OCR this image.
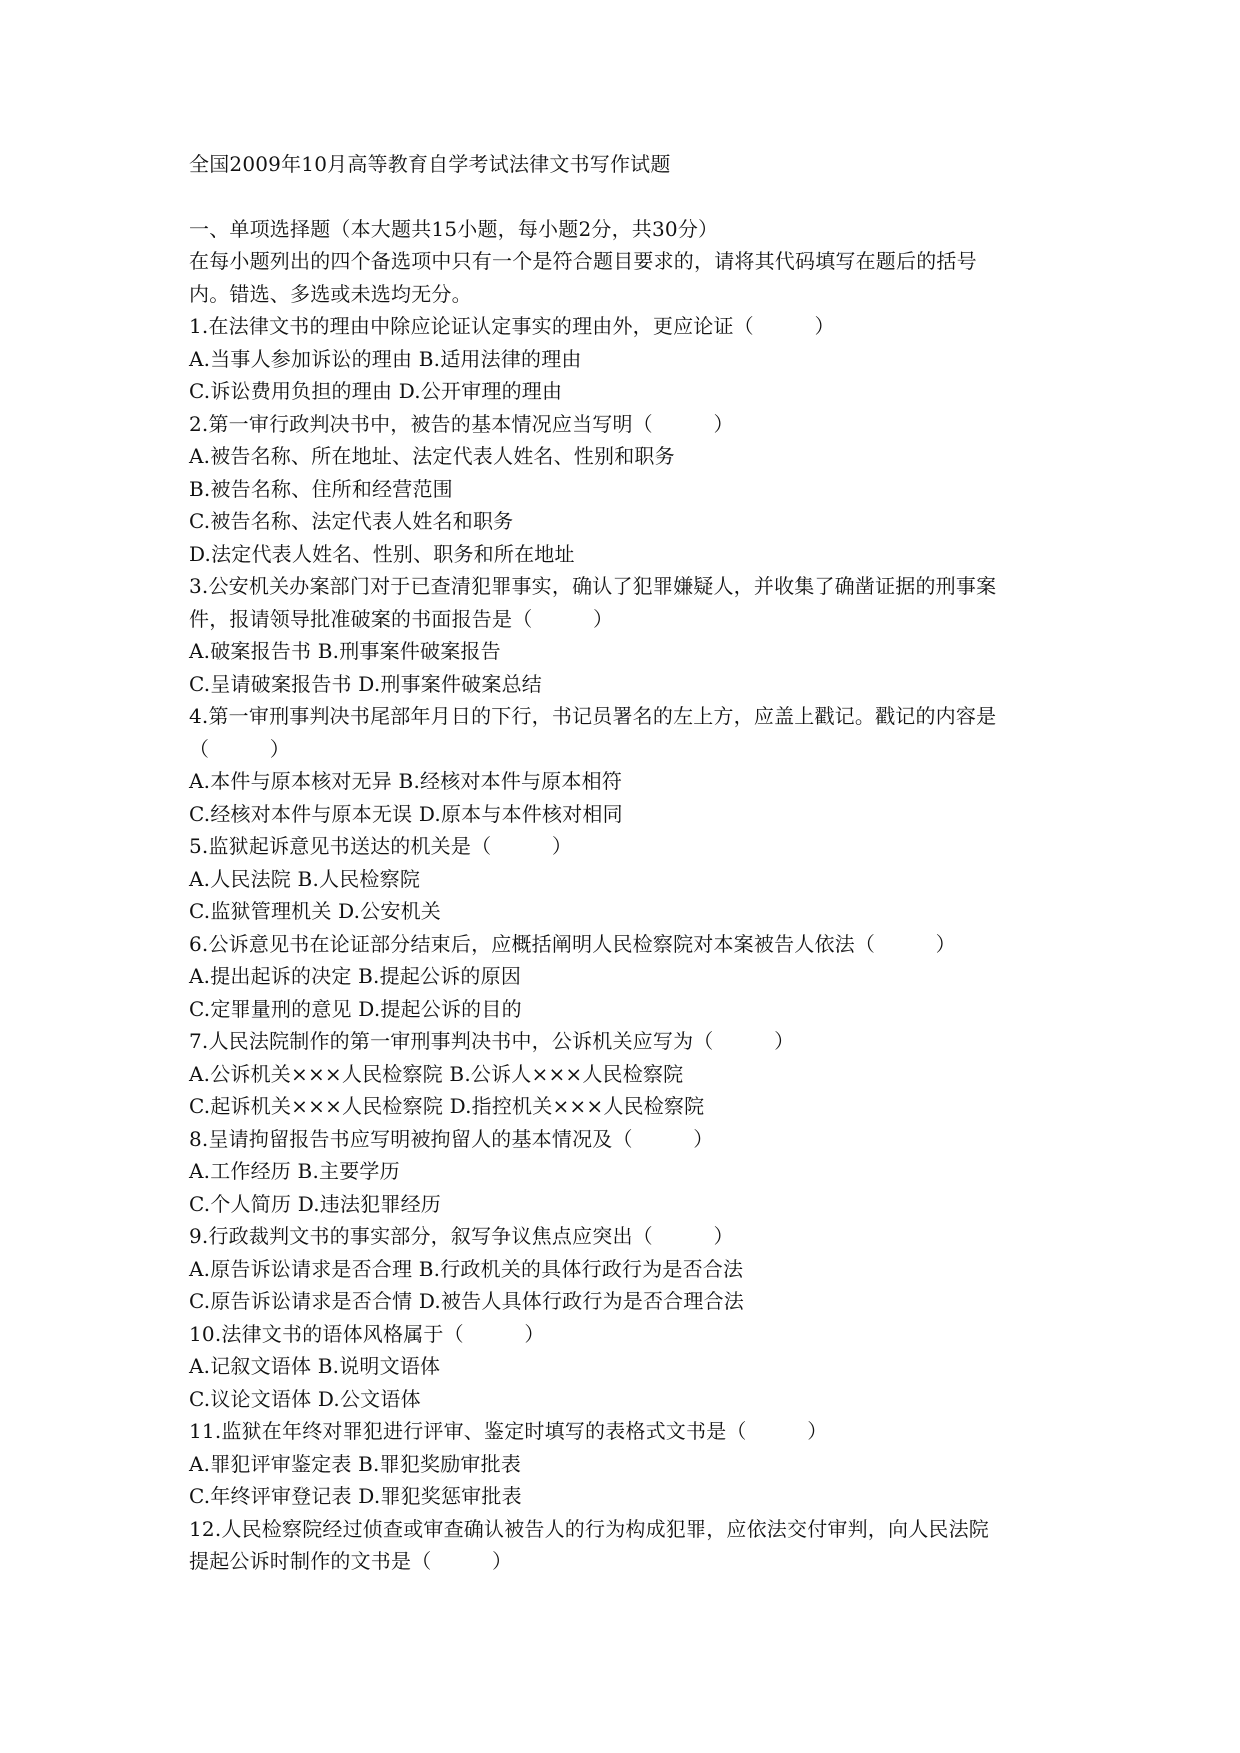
全国2009年10月高等教育自学考试法律文书写作试题
一、单项选择题（本大题共15小题，每小题2分，共30分）
在每小题列出的四个备选项中只有一个是符合题目要求的，请将其代码填写在题后的括号
内。错选、多选或未选均无分。
1.在法律文书的理由中除应论证认定事实的理由外，更应论证（　　　）
A.当事人参加诉讼的理由 B.适用法律的理由
C.诉讼费用负担的理由 D.公开审理的理由
2.第一审行政判决书中，被告的基本情况应当写明（　　　）
A.被告名称、所在地址、法定代表人姓名、性别和职务
B.被告名称、住所和经营范围
C.被告名称、法定代表人姓名和职务
D.法定代表人姓名、性别、职务和所在地址
3.公安机关办案部门对于已查清犯罪事实，确认了犯罪嫌疑人，并收集了确凿证据的刑事案
件，报请领导批准破案的书面报告是（　　　）
A.破案报告书 B.刑事案件破案报告
C.呈请破案报告书 D.刑事案件破案总结
4.第一审刑事判决书尾部年月日的下行，书记员署名的左上方，应盖上戳记。戳记的内容是
（　　　）
A.本件与原本核对无异 B.经核对本件与原本相符
C.经核对本件与原本无误 D.原本与本件核对相同
5.监狱起诉意见书送达的机关是（　　　）
A.人民法院 B.人民检察院
C.监狱管理机关 D.公安机关
6.公诉意见书在论证部分结束后，应概括阐明人民检察院对本案被告人依法（　　　）
A.提出起诉的决定 B.提起公诉的原因
C.定罪量刑的意见 D.提起公诉的目的
7.人民法院制作的第一审刑事判决书中，公诉机关应写为（　　　）
A.公诉机关×××人民检察院 B.公诉人×××人民检察院
C.起诉机关×××人民检察院 D.指控机关×××人民检察院
8.呈请拘留报告书应写明被拘留人的基本情况及（　　　）
A.工作经历 B.主要学历
C.个人简历 D.违法犯罪经历
9.行政裁判文书的事实部分，叙写争议焦点应突出（　　　）
A.原告诉讼请求是否合理 B.行政机关的具体行政行为是否合法
C.原告诉讼请求是否合情 D.被告人具体行政行为是否合理合法
10.法律文书的语体风格属于（　　　）
A.记叙文语体 B.说明文语体
C.议论文语体 D.公文语体
11.监狱在年终对罪犯进行评审、鉴定时填写的表格式文书是（　　　）
A.罪犯评审鉴定表 B.罪犯奖励审批表
C.年终评审登记表 D.罪犯奖惩审批表
12.人民检察院经过侦查或审查确认被告人的行为构成犯罪，应依法交付审判，向人民法院
提起公诉时制作的文书是（　　　）
